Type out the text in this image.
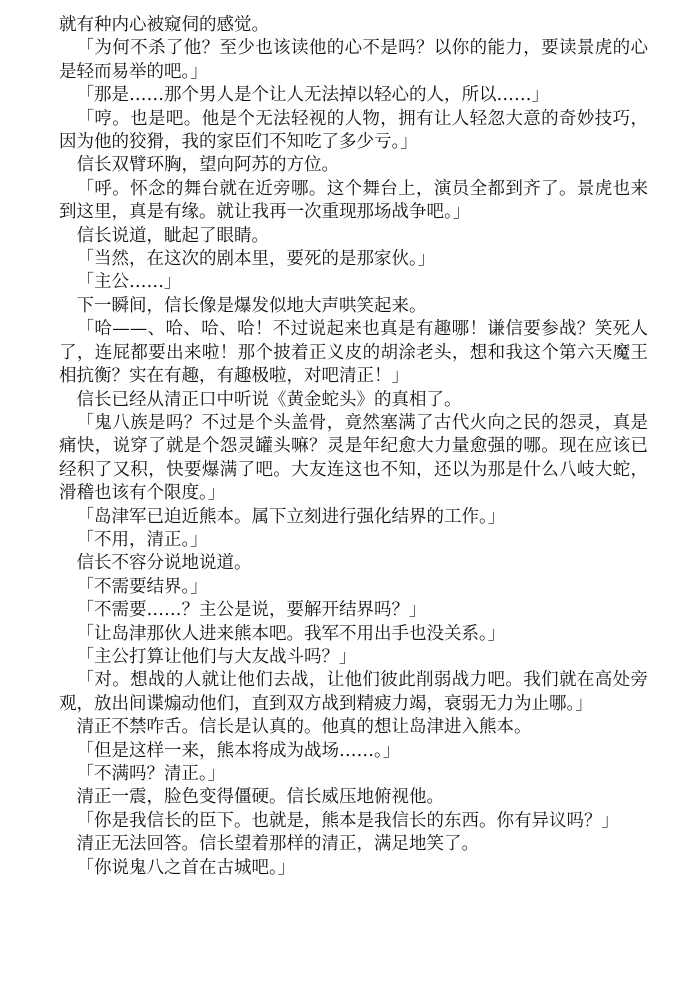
就有种内心被窥伺的感觉。

「为何不杀了他？至少也该读他的心不是吗？以你的能力，要读景虎的心是轻而易举的吧。」

「那是……那个男人是个让人无法掉以轻心的人，所以……」

「哼。也是吧。他是个无法轻视的人物，拥有让人轻忽大意的奇妙技巧，因为他的狡猾，我的家臣们不知吃了多少亏。」

信长双臂环胸，望向阿苏的方位。

「呼。怀念的舞台就在近旁哪。这个舞台上，演员全都到齐了。景虎也来到这里，真是有缘。就让我再一次重现那场战争吧。」

信长说道，眦起了眼睛。

「当然，在这次的剧本里，要死的是那家伙。」

「主公……」

下一瞬间，信长像是爆发似地大声哄笑起来。

「哈——、哈、哈、哈！不过说起来也真是有趣哪！谦信要参战？笑死人了，连屁都要出来啦！那个披着正义皮的胡涂老头，想和我这个第六天魔王相抗衡？实在有趣，有趣极啦，对吧清正！」

信长已经从清正口中听说《黄金蛇头》的真相了。

「鬼八族是吗？不过是个头盖骨，竟然塞满了古代火向之民的怨灵，真是痛快，说穿了就是个怨灵罐头嘛？灵是年纪愈大力量愈强的哪。现在应该已经积了又积，快要爆满了吧。大友连这也不知，还以为那是什么八岐大蛇，滑稽也该有个限度。」

「岛津军已迫近熊本。属下立刻进行强化结界的工作。」

「不用，清正。」

信长不容分说地说道。

「不需要结界。」

「不需要……？主公是说，要解开结界吗？」

「让岛津那伙人进来熊本吧。我军不用出手也没关系。」

「主公打算让他们与大友战斗吗？」

「对。想战的人就让他们去战，让他们彼此削弱战力吧。我们就在高处旁观，放出间谍煽动他们，直到双方战到精疲力竭，衰弱无力为止哪。」

清正不禁咋舌。信长是认真的。他真的想让岛津进入熊本。

「但是这样一来，熊本将成为战场……。」

「不满吗？清正。」

清正一震，脸色变得僵硬。信长威压地俯视他。

「你是我信长的臣下。也就是，熊本是我信长的东西。你有异议吗？」

清正无法回答。信长望着那样的清正，满足地笑了。

「你说鬼八之首在古城吧。」
